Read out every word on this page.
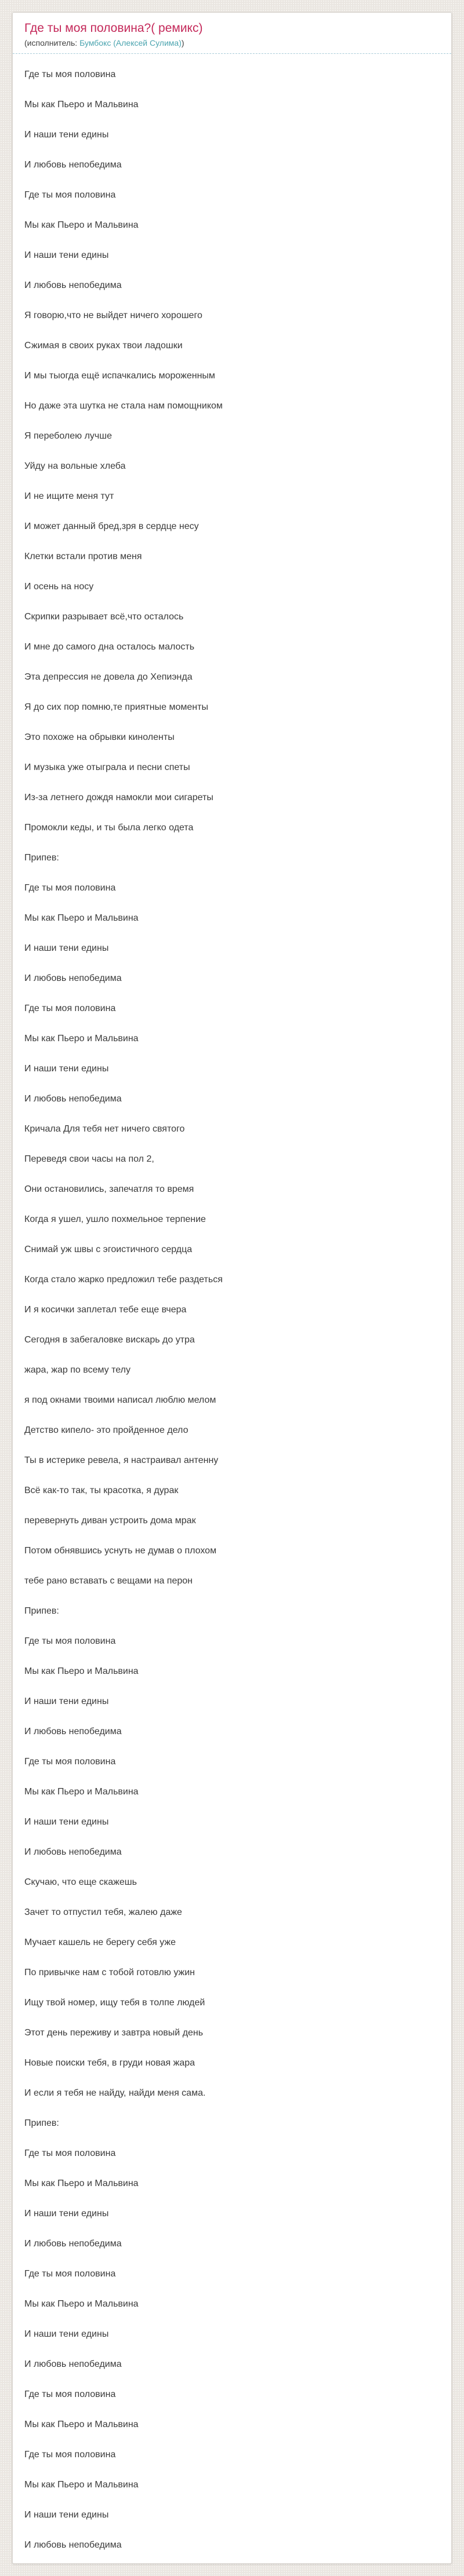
Где ты моя половина?( ремикс)

(исполнитель: Бумбокс (Алексей Сулима))

Где ты моя половина

Мы как Пьеро и Мальвина

И наши тени едины

И любовь непобедима

Где ты моя половина

Мы как Пьеро и Мальвина

И наши тени едины

И любовь непобедима

Я говорю,что не выйдет ничего хорошего

Сжимая в своих руках твои ладошки

И мы тыогда ещё испачкались мороженным

Но даже эта шутка не стала нам помощником

Я переболею лучше

Уйду на вольные хлеба

И не ищите меня тут

И может данный бред,зря в сердце несу

Клетки встали против меня

И осень на носу

Скрипки разрывает всё,что осталось

И мне до самого дна осталось малость

Эта депрессия не довела до Хепиэнда

Я до сих пор помню,те приятные моменты

Это похоже на обрывки киноленты

И музыка уже отыграла и песни спеты

Из-за летнего дождя намокли мои сигареты

Промокли кеды, и ты была легко одета

Припев:

Где ты моя половина

Мы как Пьеро и Мальвина

И наши тени едины

И любовь непобедима

Где ты моя половина

Мы как Пьеро и Мальвина

И наши тени едины

И любовь непобедима

Кричала Для тебя нет ничего святого

Переведя свои часы на пол 2,

Они остановились, запечатля то время

Когда я ушел, ушло похмельное терпение

Снимай уж швы с эгоистичного сердца

Когда стало жарко предложил тебе раздеться

И я косички заплетал тебе еще вчера

Сегодня в забегаловке вискарь до утра

жара, жар по всему телу

я под окнами твоими написал люблю мелом

Детство кипело- это пройденное дело

Ты в истерике ревела, я настраивал антенну

Всё как-то так, ты красотка, я дурак

перевернуть диван устроить дома мрак

Потом обнявшись уснуть не думав о плохом

тебе рано вставать с вещами на перон

Припев:

Где ты моя половина

Мы как Пьеро и Мальвина

И наши тени едины

И любовь непобедима

Где ты моя половина

Мы как Пьеро и Мальвина

И наши тени едины

И любовь непобедима

Скучаю, что еще скажешь

Зачет то отпустил тебя, жалею даже

Мучает кашель не берегу себя уже

По привычке нам с тобой готовлю ужин

Ищу твой номер, ищу тебя в толпе людей

Этот день переживу и завтра новый день

Новые поиски тебя, в груди новая жара

И если я тебя не найду, найди меня сама.

Припев:

Где ты моя половина

Мы как Пьеро и Мальвина

И наши тени едины

И любовь непобедима

Где ты моя половина

Мы как Пьеро и Мальвина

И наши тени едины

И любовь непобедима

Где ты моя половина

Мы как Пьеро и Мальвина

Где ты моя половина

Мы как Пьеро и Мальвина

И наши тени едины

И любовь непобедима
